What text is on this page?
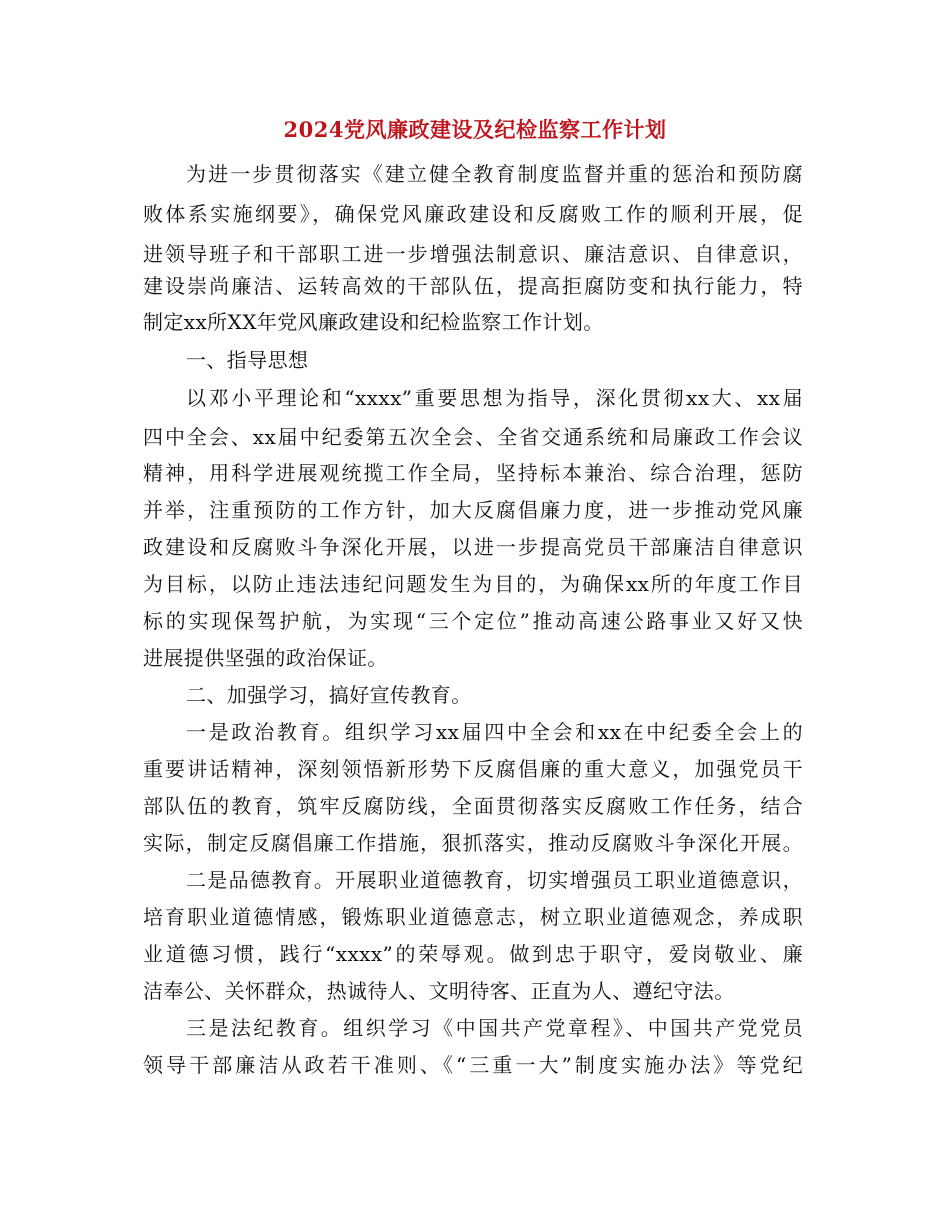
2024党风廉政建设及纪检监察工作计划

为进一步贯彻落实《建立健全教育制度监督并重的惩治和预防腐

败体系实施纲要》，确保党风廉政建设和反腐败工作的顺利开展，促

进领导班子和干部职工进一步增强法制意识、廉洁意识、自律意识，

建设崇尚廉洁、运转高效的干部队伍，提高拒腐防变和执行能力，特

制定xx所XX年党风廉政建设和纪检监察工作计划。

一、指导思想

以邓小平理论和“xxxx”重要思想为指导，深化贯彻xx大、xx届

四中全会、xx届中纪委第五次全会、全省交通系统和局廉政工作会议

精神，用科学进展观统揽工作全局，坚持标本兼治、综合治理，惩防

并举，注重预防的工作方针，加大反腐倡廉力度，进一步推动党风廉

政建设和反腐败斗争深化开展，以进一步提高党员干部廉洁自律意识

为目标，以防止违法违纪问题发生为目的，为确保xx所的年度工作目

标的实现保驾护航，为实现“三个定位”推动高速公路事业又好又快

进展提供坚强的政治保证。

二、加强学习，搞好宣传教育。

一是政治教育。组织学习xx届四中全会和xx在中纪委全会上的

重要讲话精神，深刻领悟新形势下反腐倡廉的重大意义，加强党员干

部队伍的教育，筑牢反腐防线，全面贯彻落实反腐败工作任务，结合

实际，制定反腐倡廉工作措施，狠抓落实，推动反腐败斗争深化开展。

二是品德教育。开展职业道德教育，切实增强员工职业道德意识，

培育职业道德情感，锻炼职业道德意志，树立职业道德观念，养成职

业道德习惯，践行“xxxx”的荣辱观。做到忠于职守，爱岗敬业、廉

洁奉公、关怀群众，热诚待人、文明待客、正直为人、遵纪守法。

三是法纪教育。组织学习《中国共产党章程》、中国共产党党员

领导干部廉洁从政若干准则、《“三重一大”制度实施办法》等党纪
